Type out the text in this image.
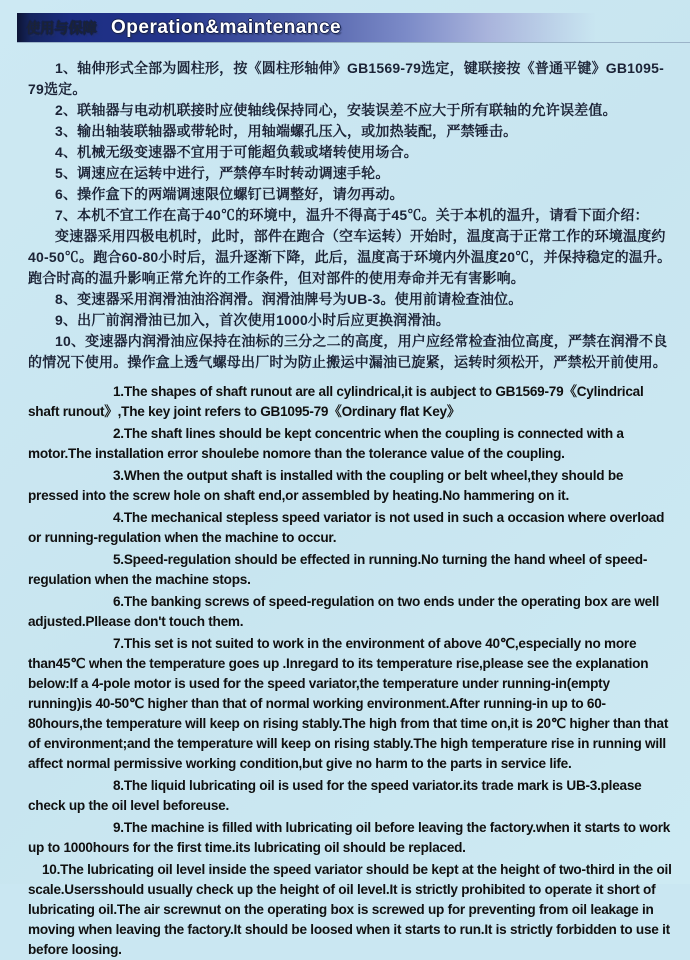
使用与保障 Operation&maintenance

1、轴伸形式全部为圆柱形，按《圆柱形轴伸》GB1569-79选定，键联接按《普通平键》GB1095-79选定。

2、联轴器与电动机联接时应使轴线保持同心，安装误差不应大于所有联轴的允许误差值。

3、输出轴装联轴器或带轮时，用轴端螺孔压入，或加热装配，严禁锤击。

4、机械无级变速器不宜用于可能超负载或堵转使用场合。

5、调速应在运转中进行，严禁停车时转动调速手轮。

6、操作盒下的两端调速限位螺钉已调整好，请勿再动。

7、本机不宜工作在高于40℃的环境中，温升不得高于45℃。关于本机的温升，请看下面介绍：

变速器采用四极电机时，此时，部件在跑合（空车运转）开始时，温度高于正常工作的环境温度约40-50℃。跑合60-80小时后，温升逐渐下降，此后，温度高于环境内外温度20℃，并保持稳定的温升。跑合时高的温升影响正常允许的工作条件，但对部件的使用寿命并无有害影响。

8、变速器采用润滑油油浴润滑。润滑油牌号为UB-3。使用前请检查油位。

9、出厂前润滑油已加入，首次使用1000小时后应更换润滑油。

10、变速器内润滑油应保持在油标的三分之二的高度，用户应经常检查油位高度，严禁在润滑不良的情况下使用。操作盒上透气螺母出厂时为防止搬运中漏油已旋紧，运转时须松开，严禁松开前使用。

1.The shapes of shaft runout are all cylindrical,it is aubject to GB1569-79《Cylindrical shaft runout》,The key joint refers to GB1095-79《Ordinary flat Key》

2.The shaft lines should be kept concentric when the coupling is connected with a motor.The installation error shoulebe nomore than the tolerance value of the coupling.

3.When the output shaft is installed with the coupling or belt wheel,they should be pressed into the screw hole on shaft end,or assembled by heating.No hammering on it.

4.The mechanical stepless speed variator is not used in such a occasion where overload or running-regulation when the machine to occur.

5.Speed-regulation should be effected in running.No turning the hand wheel of speed-regulation when the machine stops.

6.The banking screws of speed-regulation on two ends under the operating box are well adjusted.Pllease don't touch them.

7.This set is not suited to work in the environment of above 40℃,especially no more than45℃ when the temperature goes up .Inregard to its temperature rise,please see the explanation below:If a 4-pole motor is used for the speed variator,the temperature under running-in(empty running)is 40-50℃ higher than that of normal working environment.After running-in up to 60-80hours,the temperature will keep on rising stably.The high from that time on,it is 20℃ higher than that of environment;and the temperature will keep on rising stably.The high temperature rise in running will affect normal permissive working condition,but give no harm to the parts in service life.

8.The liquid lubricating oil is used for the speed variator.its trade mark is UB-3.please check up the oil level beforeuse.

9.The machine is filled with lubricating oil before leaving the factory.when it starts to work up to 1000hours for the first time.its lubricating oil should be replaced.

10.The lubricating oil level inside the speed variator should be kept at the height of two-third in the oil scale.Usersshould usually check up the height of oil level.It is strictly prohibited to operate it short of lubricating oil.The air screwnut on the operating box is screwed up for preventing from oil leakage in moving when leaving the factory.It should be loosed when it starts to run.It is strictly forbidden to use it before loosing.
